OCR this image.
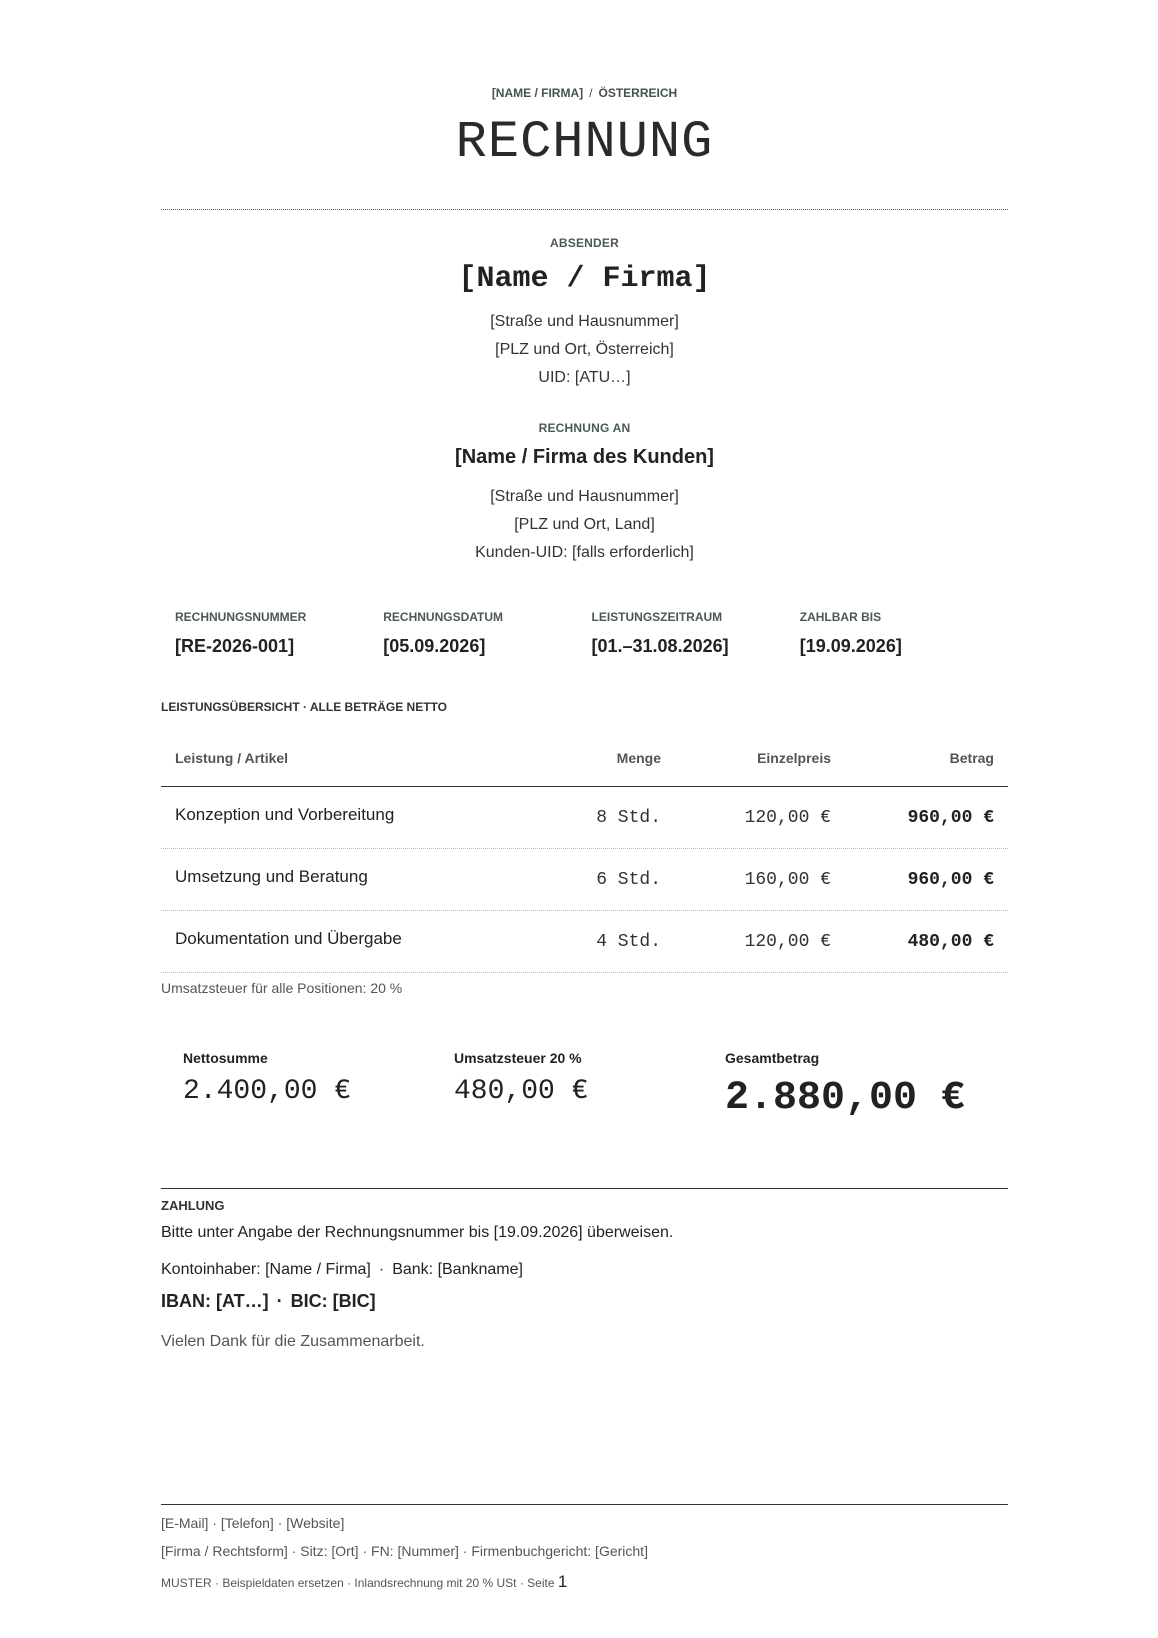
[NAME / FIRMA] / ÖSTERREICH
RECHNUNG
ABSENDER
[Name / Firma]
[Straße und Hausnummer]
[PLZ und Ort, Österreich]
UID: [ATU…]
RECHNUNG AN
[Name / Firma des Kunden]
[Straße und Hausnummer]
[PLZ und Ort, Land]
Kunden-UID: [falls erforderlich]
RECHNUNGSNUMMER
[RE-2026-001]
RECHNUNGSDATUM
[05.09.2026]
LEISTUNGSZEITRAUM
[01.–31.08.2026]
ZAHLBAR BIS
[19.09.2026]
LEISTUNGSÜBERSICHT · ALLE BETRÄGE NETTO
Leistung / Artikel	Menge	Einzelpreis	Betrag
Konzeption und Vorbereitung	8 Std.	120,00 €	960,00 €
Umsetzung und Beratung	6 Std.	160,00 €	960,00 €
Dokumentation und Übergabe	4 Std.	120,00 €	480,00 €
Umsatzsteuer für alle Positionen: 20 %
Nettosumme
2.400,00 €
Umsatzsteuer 20 %
480,00 €
Gesamtbetrag
2.880,00 €
ZAHLUNG
Bitte unter Angabe der Rechnungsnummer bis [19.09.2026] überweisen.
Kontoinhaber: [Name / Firma] · Bank: [Bankname]
IBAN: [AT…] · BIC: [BIC]
Vielen Dank für die Zusammenarbeit.
[E-Mail] · [Telefon] · [Website]
[Firma / Rechtsform] · Sitz: [Ort] · FN: [Nummer] · Firmenbuchgericht: [Gericht]
MUSTER · Beispieldaten ersetzen · Inlandsrechnung mit 20 % USt · Seite 1
